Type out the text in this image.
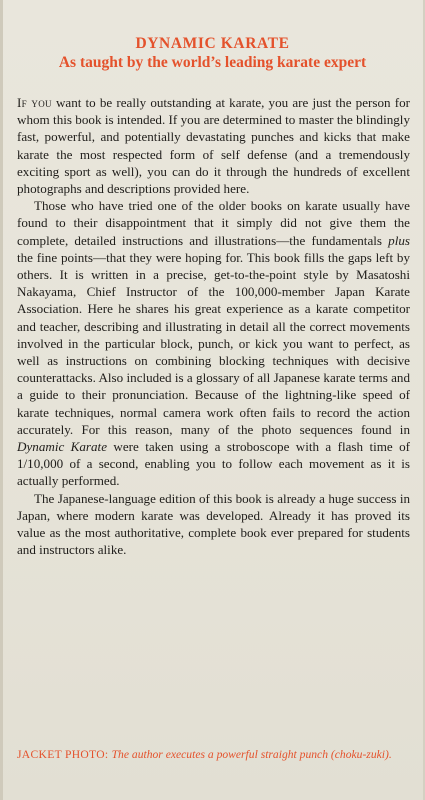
DYNAMIC KARATE
As taught by the world’s leading karate expert

If you want to be really outstanding at karate, you are just the person for whom this book is intended. If you are determined to master the blindingly fast, powerful, and potentially devastating punches and kicks that make karate the most respected form of self defense (and a tremendously exciting sport as well), you can do it through the hundreds of excellent photographs and descriptions provided here.

Those who have tried one of the older books on karate usually have found to their disappointment that it simply did not give them the complete, detailed instructions and illustrations—the fundamentals plus the fine points—that they were hoping for. This book fills the gaps left by others. It is written in a precise, get-to-the-point style by Masatoshi Nakayama, Chief Instructor of the 100,000-member Japan Karate Association. Here he shares his great experience as a karate competitor and teacher, describing and illustrating in detail all the correct movements involved in the particular block, punch, or kick you want to perfect, as well as instructions on combining blocking techniques with decisive counterattacks. Also included is a glossary of all Japanese karate terms and a guide to their pronunciation. Because of the lightning-like speed of karate techniques, normal camera work often fails to record the action accurately. For this reason, many of the photo sequences found in Dynamic Karate were taken using a stroboscope with a flash time of 1/10,000 of a second, enabling you to follow each movement as it is actually performed.

The Japanese-language edition of this book is already a huge success in Japan, where modern karate was developed. Already it has proved its value as the most authoritative, complete book ever prepared for students and instructors alike.

JACKET PHOTO: The author executes a powerful straight punch (choku-zuki).
